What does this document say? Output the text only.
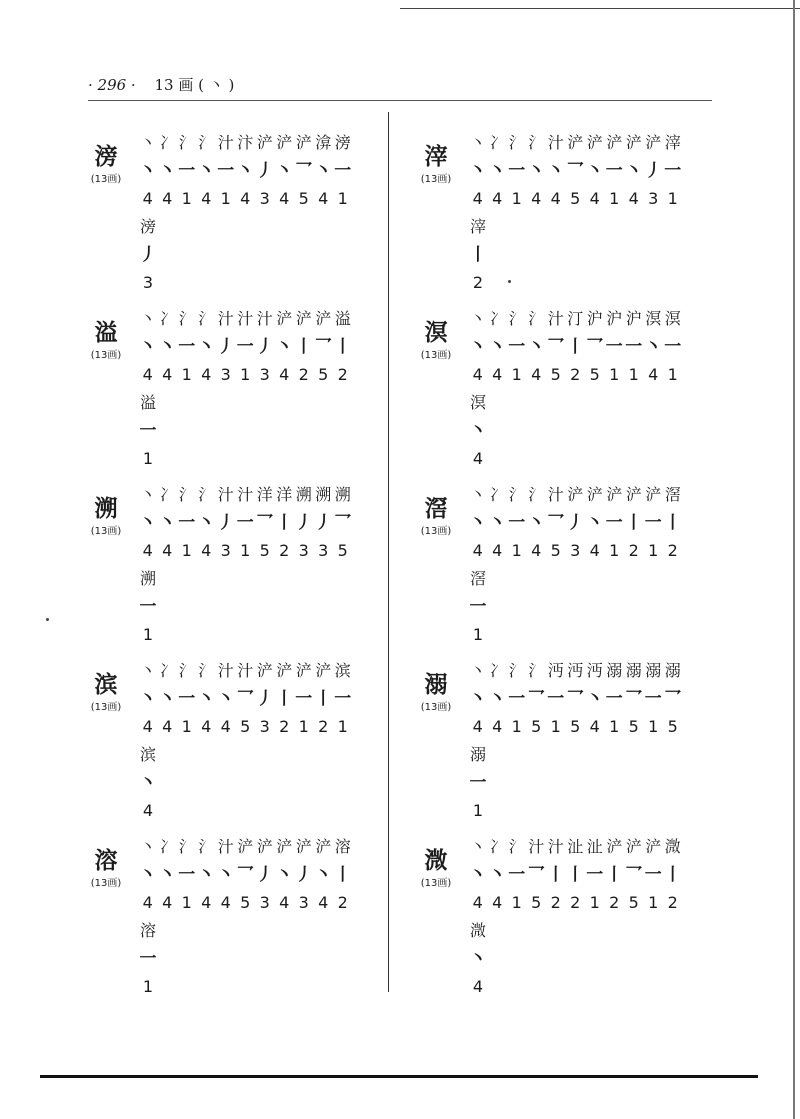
· 296 · 13 画 ( 丶 )
滂
(13画)
丶 冫 氵 氵 汁 汴 浐 浐 浐 渰 滂
丶 丶 一 丶 一 丶 丿 丶 乛 丶 一
4 4 1 4 1 4 3 4 5 4 1
滂
丿
3
溢
(13画)
丶 冫 氵 氵 汁 汁 汁 浐 浐 浐 溢
丶 丶 一 丶 丿 一 丿 丶 丨 乛 丨
4 4 1 4 3 1 3 4 2 5 2
溢
一
1
溯
(13画)
丶 冫 氵 氵 汁 汁 洋 洋 溯 溯 溯
丶 丶 一 丶 丿 一 乛 丨 丿 丿 乛
4 4 1 4 3 1 5 2 3 3 5
溯
一
1
滨
(13画)
丶 冫 氵 氵 汁 汁 浐 浐 浐 浐 滨
丶 丶 一 丶 丶 乛 丿 丨 一 丨 一
4 4 1 4 4 5 3 2 1 2 1
滨
丶
4
溶
(13画)
丶 冫 氵 氵 汁 浐 浐 浐 浐 浐 溶
丶 丶 一 丶 丶 乛 丿 丶 丿 丶 丨
4 4 1 4 4 5 3 4 3 4 2
溶
一
1
滓
(13画)
丶 冫 氵 氵 汁 浐 浐 浐 浐 浐 滓
丶 丶 一 丶 丶 乛 丶 一 丶 丿 一
4 4 1 4 4 5 4 1 4 3 1
滓
丨
2
溟
(13画)
丶 冫 氵 氵 汁 汀 沪 沪 沪 溟 溟
丶 丶 一 丶 乛 丨 乛 一 一 丶 一
4 4 1 4 5 2 5 1 1 4 1
溟
丶
4
滘
(13画)
丶 冫 氵 氵 汁 浐 浐 浐 浐 浐 滘
丶 丶 一 丶 乛 丿 丶 一 丨 一 丨
4 4 1 4 5 3 4 1 2 1 2
滘
一
1
溺
(13画)
丶 冫 氵 氵 沔 沔 沔 溺 溺 溺 溺
丶 丶 一 乛 一 乛 丶 一 乛 一 乛
4 4 1 5 1 5 4 1 5 1 5
溺
一
1
溦
(13画)
丶 冫 氵 汁 汁 沚 沚 浐 浐 浐 溦
丶 丶 一 乛 丨 丨 一 丨 乛 一 丨
4 4 1 5 2 2 1 2 5 1 2
溦
丶
4
